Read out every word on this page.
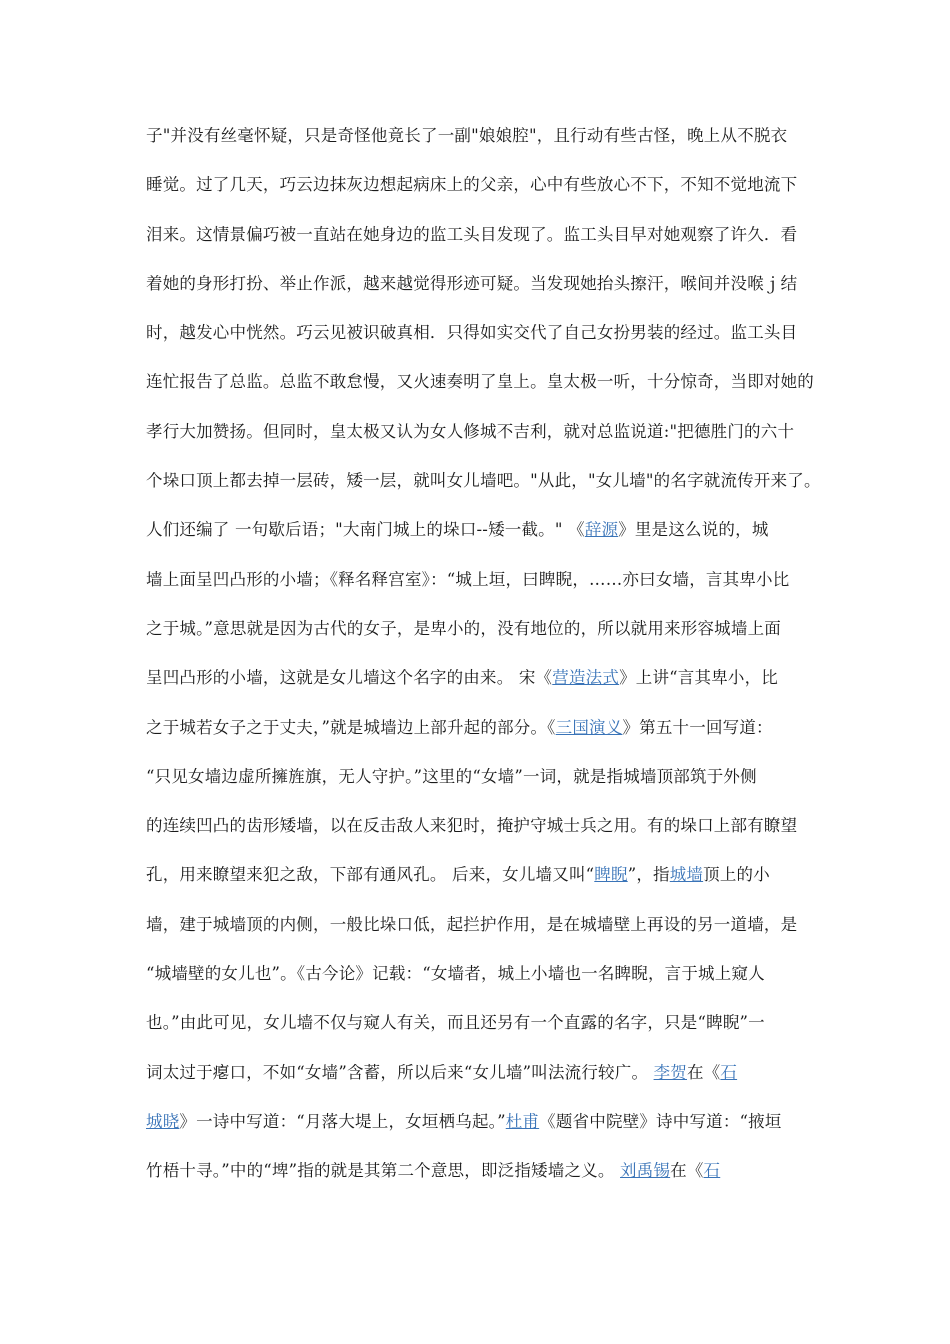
子"并没有丝毫怀疑，只是奇怪他竟长了一副"娘娘腔"，且行动有些古怪，晚上从不脱衣
睡觉。过了几天，巧云边抹灰边想起病床上的父亲，心中有些放心不下，不知不觉地流下
泪来。这情景偏巧被一直站在她身边的监工头目发现了。监工头目早对她观察了许久．看
着她的身形打扮、举止作派，越来越觉得形迹可疑。当发现她抬头擦汗，喉间并没喉ｊ结
时，越发心中恍然。巧云见被识破真相．只得如实交代了自己女扮男装的经过。监工头目
连忙报告了总监。总监不敢怠慢，又火速奏明了皇上。皇太极一听，十分惊奇，当即对她的
孝行大加赞扬。但同时，皇太极又认为女人修城不吉利，就对总监说道:"把德胜门的六十
个垛口顶上都去掉一层砖，矮一层，就叫女儿墙吧。"从此，"女儿墙"的名字就流传开来了。
人们还编了 一句歇后语；"大南门城上的垛口--矮一截。" 《辞源》里是这么说的，城
墙上面呈凹凸形的小墙；《释名释宫室》：“城上垣，曰睥睨，……亦曰女墙，言其卑小比
之于城。”意思就是因为古代的女子，是卑小的，没有地位的，所以就用来形容城墙上面
呈凹凸形的小墙，这就是女儿墙这个名字的由来。 宋《营造法式》上讲“言其卑小，比
之于城若女子之于丈夫，”就是城墙边上部升起的部分。《三国演义》第五十一回写道：
“只见女墙边虚所擁旌旗，无人守护。”这里的“女墙”一词，就是指城墙顶部筑于外侧
的连续凹凸的齿形矮墙，以在反击敌人来犯时，掩护守城士兵之用。有的垛口上部有瞭望
孔，用来瞭望来犯之敌，下部有通风孔。 后来，女儿墙又叫“睥睨”，指城墙顶上的小
墙，建于城墙顶的内侧，一般比垛口低，起拦护作用，是在城墙壁上再设的另一道墙，是
“城墙壁的女儿也”。《古今论》记载：“女墙者，城上小墙也一名睥睨，言于城上窥人
也。”由此可见，女儿墙不仅与窥人有关，而且还另有一个直露的名字，只是“睥睨”一
词太过于瘪口，不如“女墙”含蓄，所以后来“女儿墙”叫法流行较广。 李贺在《石
城晓》一诗中写道：“月落大堤上，女垣栖乌起。”杜甫《题省中院壁》诗中写道：“掖垣
竹梧十寻。”中的“埤”指的就是其第二个意思，即泛指矮墙之义。 刘禹锡在《石
